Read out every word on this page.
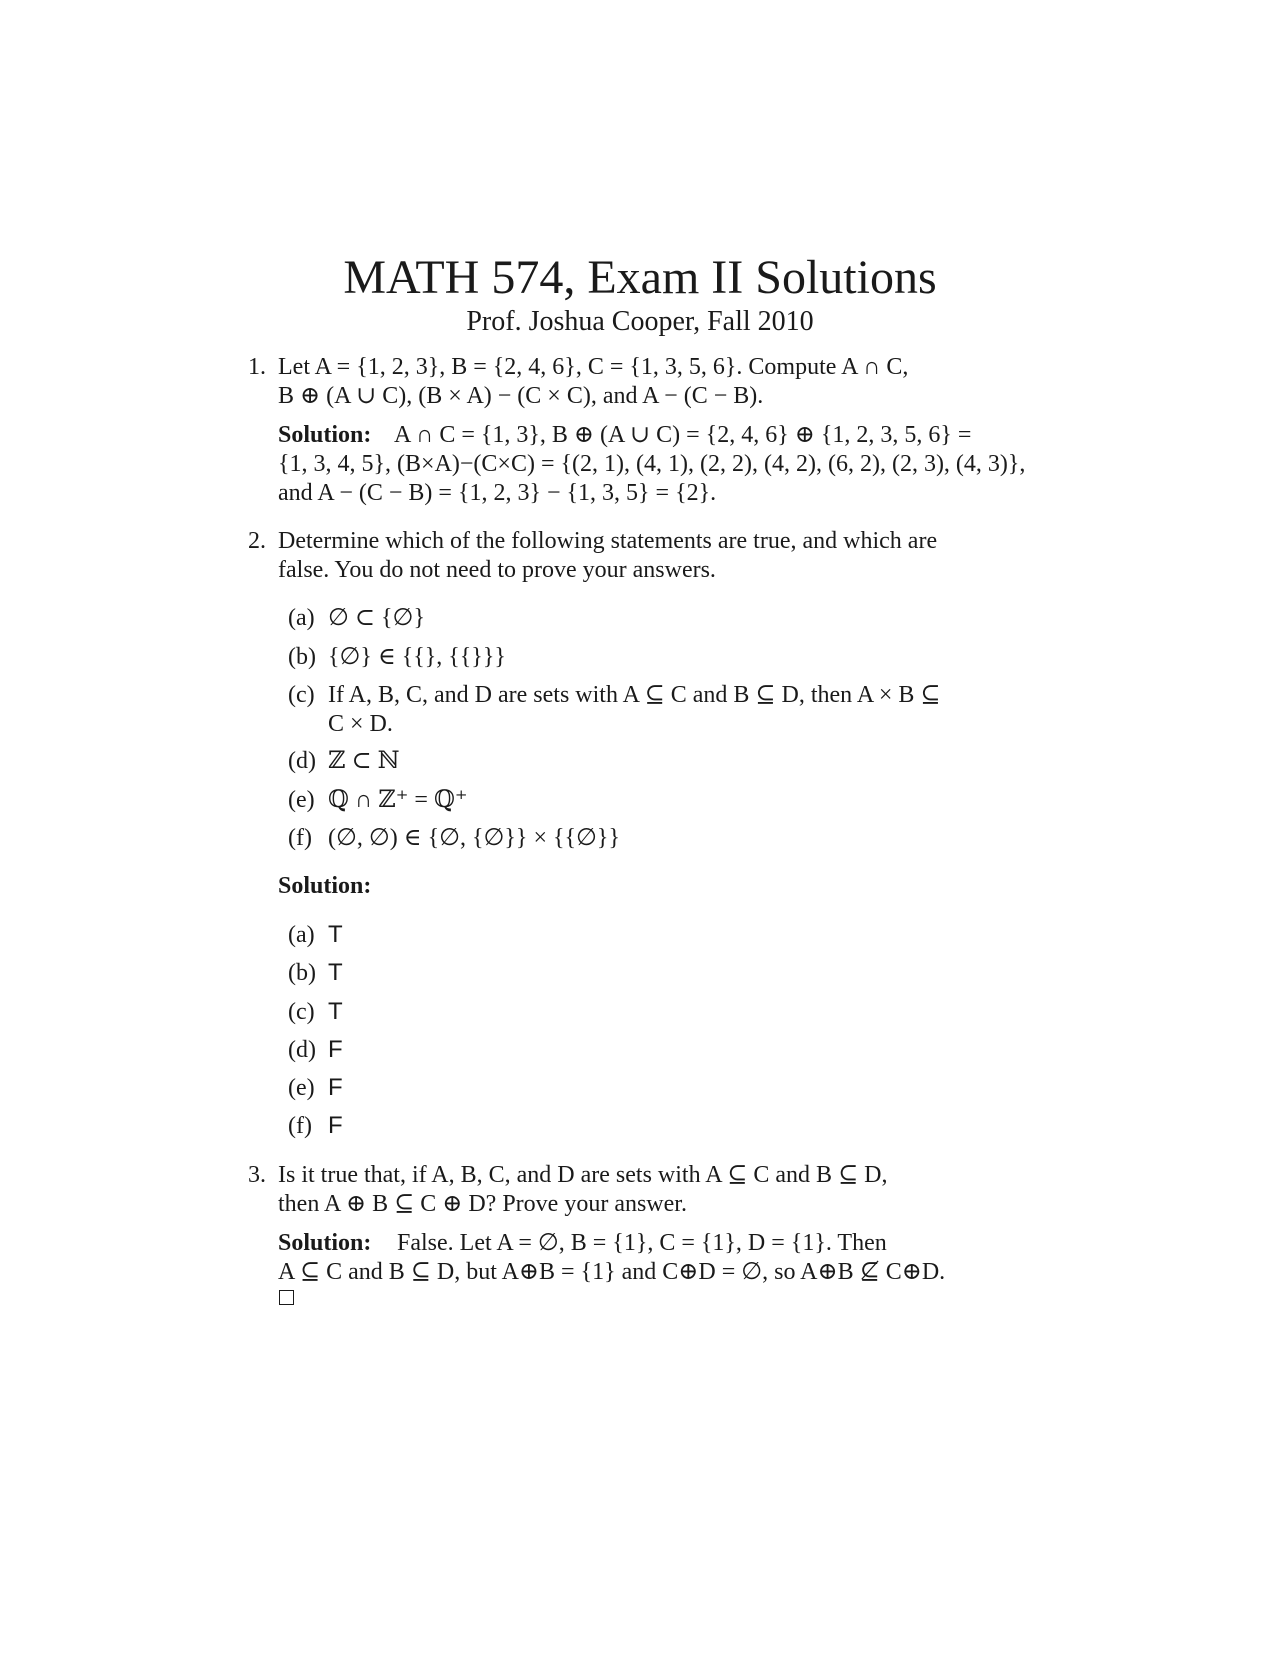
MATH 574, Exam II Solutions
Prof. Joshua Cooper, Fall 2010
1. Let A = {1, 2, 3}, B = {2, 4, 6}, C = {1, 3, 5, 6}. Compute A ∩ C,
B ⊕ (A ∪ C), (B × A) − (C × C), and A − (C − B).
Solution: A ∩ C = {1, 3}, B ⊕ (A ∪ C) = {2, 4, 6} ⊕ {1, 2, 3, 5, 6} =
{1, 3, 4, 5}, (B×A)−(C×C) = {(2, 1), (4, 1), (2, 2), (4, 2), (6, 2), (2, 3), (4, 3)},
and A − (C − B) = {1, 2, 3} − {1, 3, 5} = {2}.
2. Determine which of the following statements are true, and which are
false. You do not need to prove your answers.
(a) ∅ ⊂ {∅}
(b) {∅} ∈ {{}, {{}}}
(c) If A, B, C, and D are sets with A ⊆ C and B ⊆ D, then A × B ⊆
C × D.
(d) ℤ ⊂ ℕ
(e) ℚ ∩ ℤ⁺ = ℚ⁺
(f) (∅, ∅) ∈ {∅, {∅}} × {{∅}}
Solution:
(a) T
(b) T
(c) T
(d) F
(e) F
(f) F
3. Is it true that, if A, B, C, and D are sets with A ⊆ C and B ⊆ D,
then A ⊕ B ⊆ C ⊕ D? Prove your answer.
Solution: False. Let A = ∅, B = {1}, C = {1}, D = {1}. Then
A ⊆ C and B ⊆ D, but A⊕B = {1} and C⊕D = ∅, so A⊕B ⊈ C⊕D.
